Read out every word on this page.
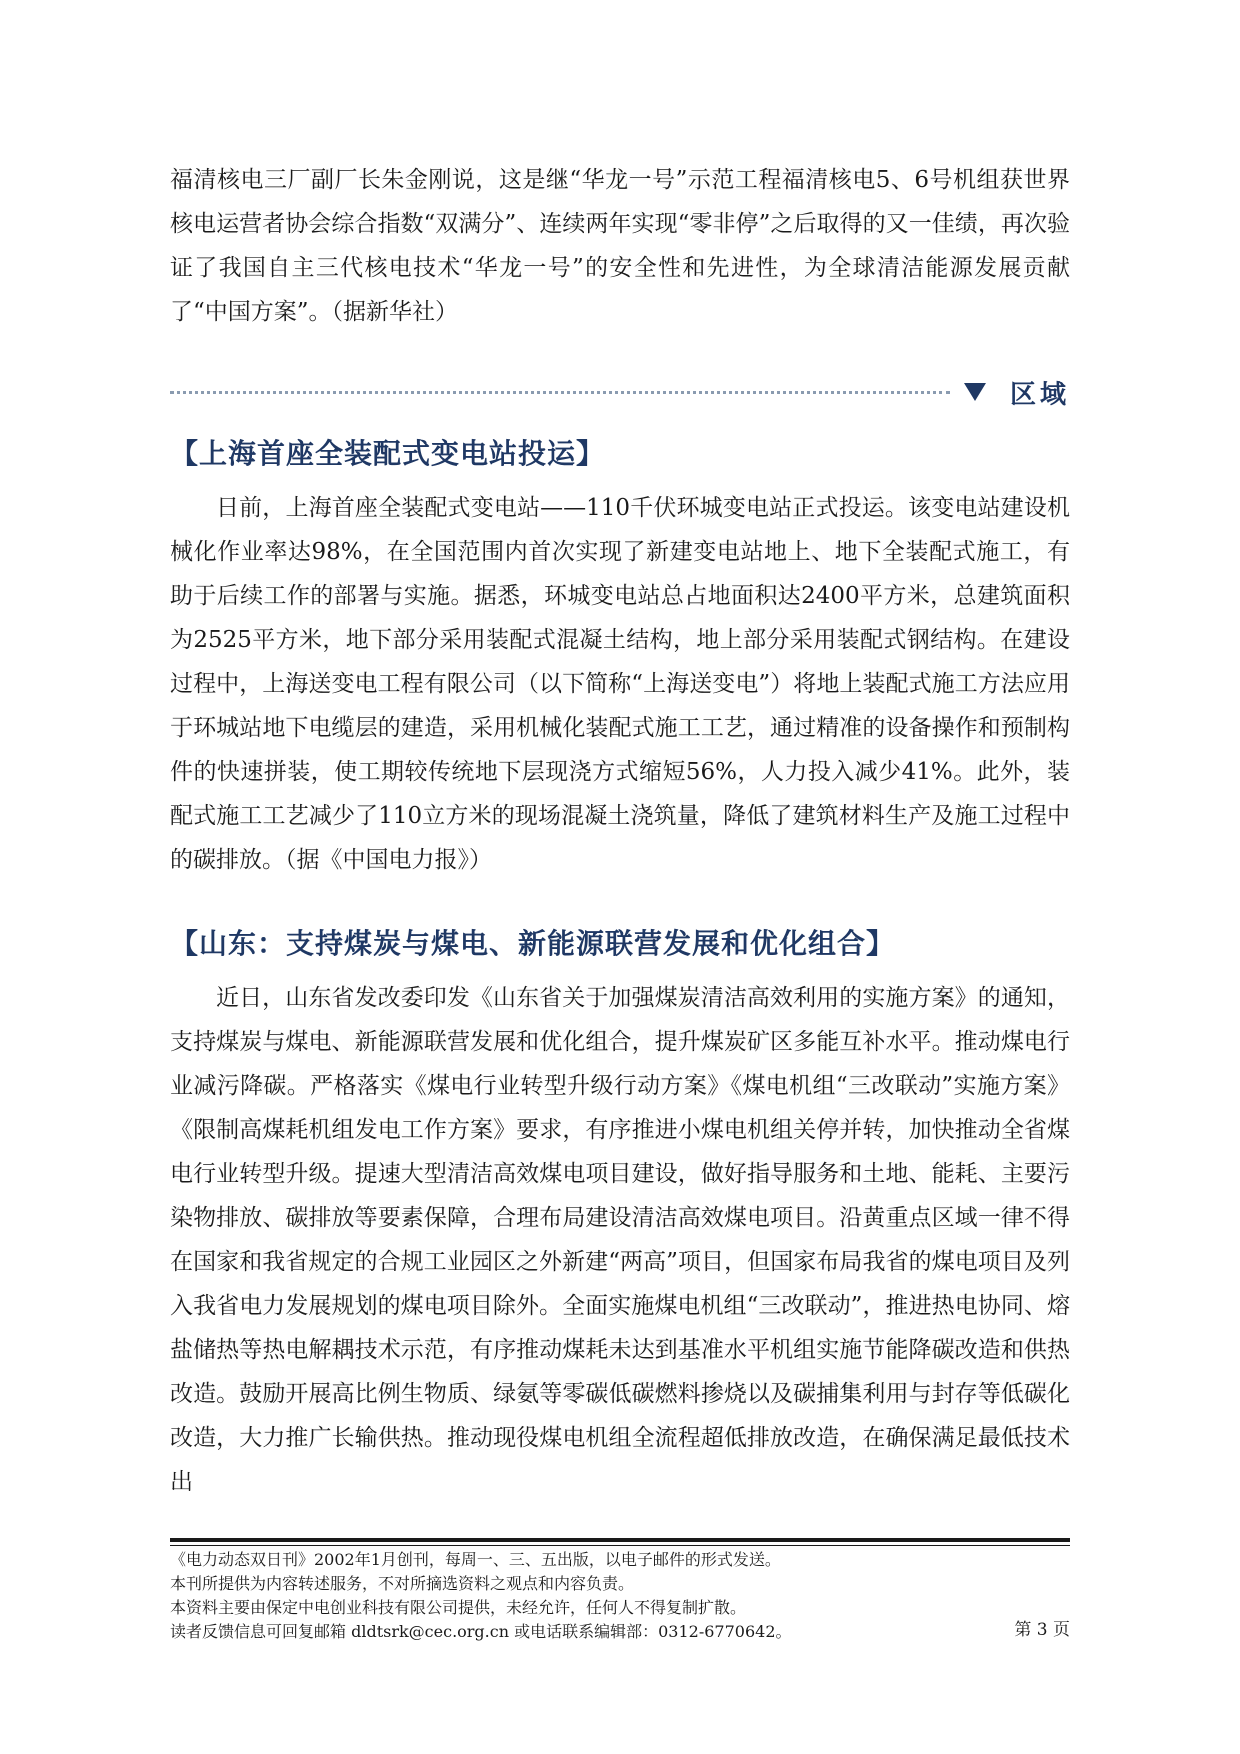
福清核电三厂副厂长朱金刚说，这是继“华龙一号”示范工程福清核电5、6号机组获世界核电运营者协会综合指数“双满分”、连续两年实现“零非停”之后取得的又一佳绩，再次验证了我国自主三代核电技术“华龙一号”的安全性和先进性，为全球清洁能源发展贡献了“中国方案”。（据新华社）

区域
【上海首座全装配式变电站投运】

日前，上海首座全装配式变电站——110千伏环城变电站正式投运。该变电站建设机械化作业率达98%，在全国范围内首次实现了新建变电站地上、地下全装配式施工，有助于后续工作的部署与实施。据悉，环城变电站总占地面积达2400平方米，总建筑面积为2525平方米，地下部分采用装配式混凝土结构，地上部分采用装配式钢结构。在建设过程中，上海送变电工程有限公司（以下简称“上海送变电”）将地上装配式施工方法应用于环城站地下电缆层的建造，采用机械化装配式施工工艺，通过精准的设备操作和预制构件的快速拼装，使工期较传统地下层现浇方式缩短56%，人力投入减少41%。此外，装配式施工工艺减少了110立方米的现场混凝土浇筑量，降低了建筑材料生产及施工过程中的碳排放。（据《中国电力报》）

【山东：支持煤炭与煤电、新能源联营发展和优化组合】

近日，山东省发改委印发《山东省关于加强煤炭清洁高效利用的实施方案》的通知，支持煤炭与煤电、新能源联营发展和优化组合，提升煤炭矿区多能互补水平。推动煤电行业减污降碳。严格落实《煤电行业转型升级行动方案》《煤电机组“三改联动”实施方案》《限制高煤耗机组发电工作方案》要求，有序推进小煤电机组关停并转，加快推动全省煤电行业转型升级。提速大型清洁高效煤电项目建设，做好指导服务和土地、能耗、主要污染物排放、碳排放等要素保障，合理布局建设清洁高效煤电项目。沿黄重点区域一律不得在国家和我省规定的合规工业园区之外新建“两高”项目，但国家布局我省的煤电项目及列入我省电力发展规划的煤电项目除外。全面实施煤电机组“三改联动”，推进热电协同、熔盐储热等热电解耦技术示范，有序推动煤耗未达到基准水平机组实施节能降碳改造和供热改造。鼓励开展高比例生物质、绿氨等零碳低碳燃料掺烧以及碳捕集利用与封存等低碳化改造，大力推广长输供热。推动现役煤电机组全流程超低排放改造，在确保满足最低技术出

《电力动态双日刊》2002年1月创刊，每周一、三、五出版，以电子邮件的形式发送。
本刊所提供为内容转述服务，不对所摘选资料之观点和内容负责。
本资料主要由保定中电创业科技有限公司提供，未经允许，任何人不得复制扩散。
读者反馈信息可回复邮箱 dldtsrk@cec.org.cn 或电话联系编辑部：0312-6770642。	第 3 页
